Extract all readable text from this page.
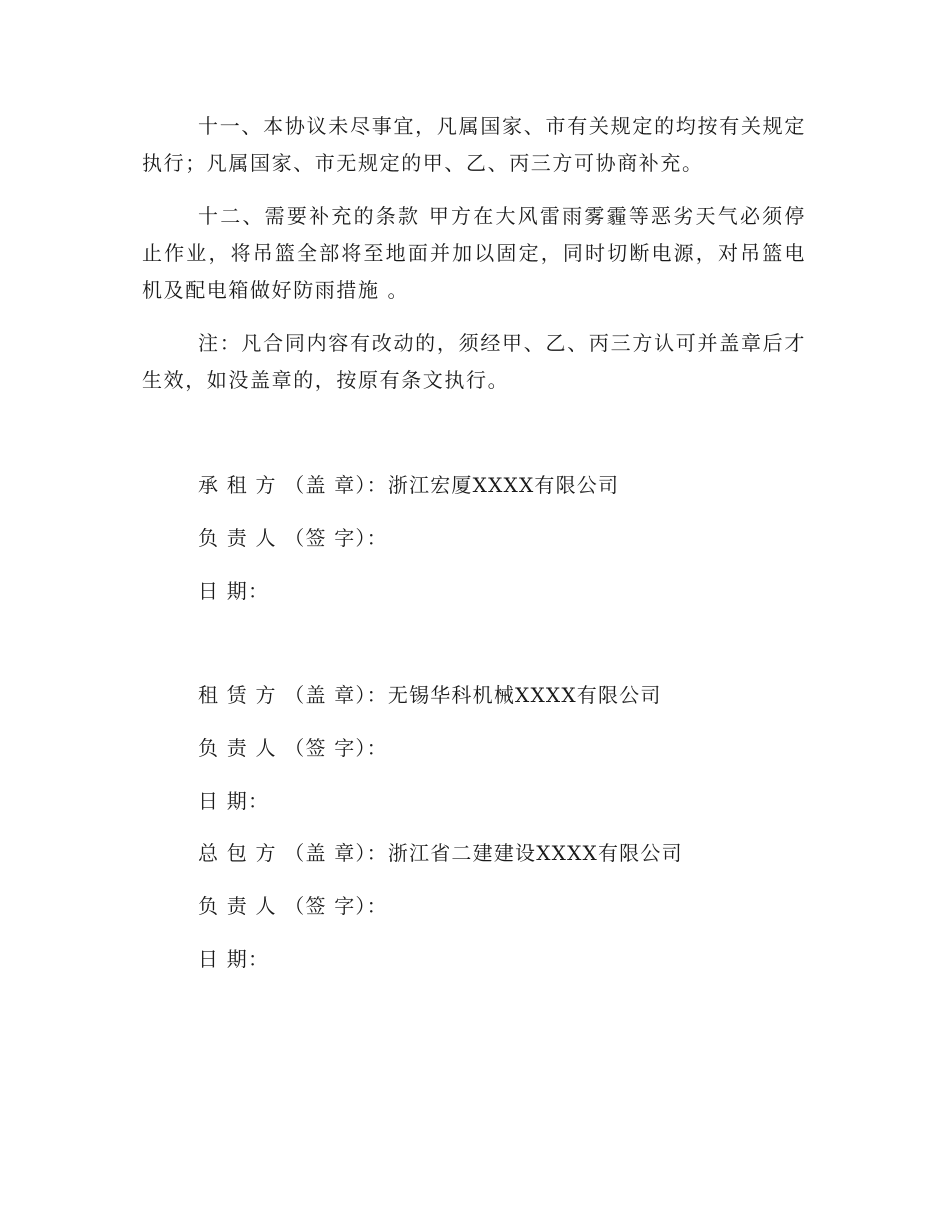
十一、本协议未尽事宜，凡属国家、市有关规定的均按有关规定执行；凡属国家、市无规定的甲、乙、丙三方可协商补充。

十二、需要补充的条款 甲方在大风雷雨雾霾等恶劣天气必须停止作业，将吊篮全部将至地面并加以固定，同时切断电源，对吊篮电机及配电箱做好防雨措施 。

注：凡合同内容有改动的，须经甲、乙、丙三方认可并盖章后才生效，如没盖章的，按原有条文执行。

承 租 方 （盖 章）：浙江宏厦XXXX有限公司

负 责 人 （签 字）：

日 期：

租 赁 方 （盖 章）：无锡华科机械XXXX有限公司

负 责 人 （签 字）：

日 期：

总 包 方 （盖 章）：浙江省二建建设XXXX有限公司

负 责 人 （签 字）：

日 期：
